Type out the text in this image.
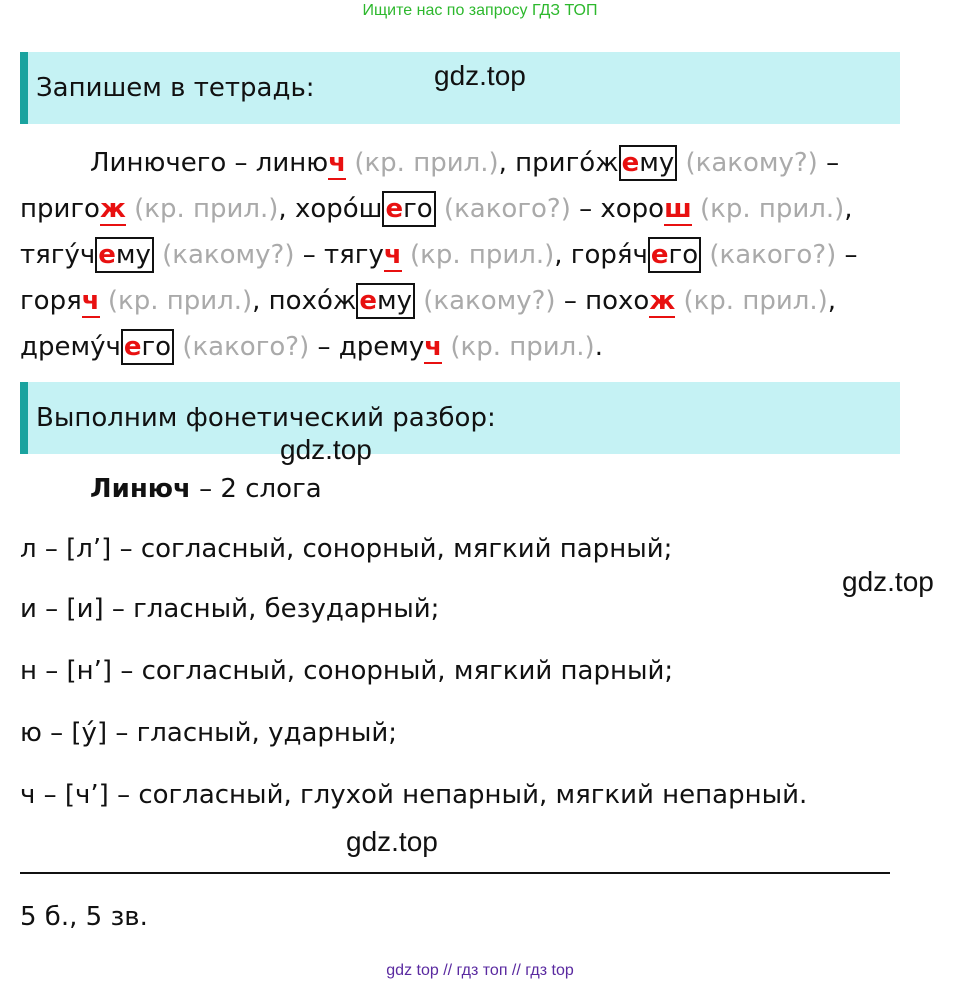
Ищите нас по запросу ГДЗ ТОП
Запишем в тетрадь:	gdz.top
Линючего – линюч (кр. прил.), приго́ж ему (какому?) –
пригож (кр. прил.), хоро́ш его (какого?) – хорош (кр. прил.),
тягу́ч ему (какому?) – тягуч (кр. прил.), горя́ч его (какого?) –
горяч (кр. прил.), похо́ж ему (какому?) – похож (кр. прил.),
дрему́ч его (какого?) – дремуч (кр. прил.).
Выполним фонетический разбор:
gdz.top
Линюч – 2 слога
л – [л’] – согласный, сонорный, мягкий парный;
gdz.top
и – [и] – гласный, безударный;
н – [н’] – согласный, сонорный, мягкий парный;
ю – [у́] – гласный, ударный;
ч – [ч’] – согласный, глухой непарный, мягкий непарный.
gdz.top
5 б., 5 зв.
gdz top // гдз топ // гдз top
